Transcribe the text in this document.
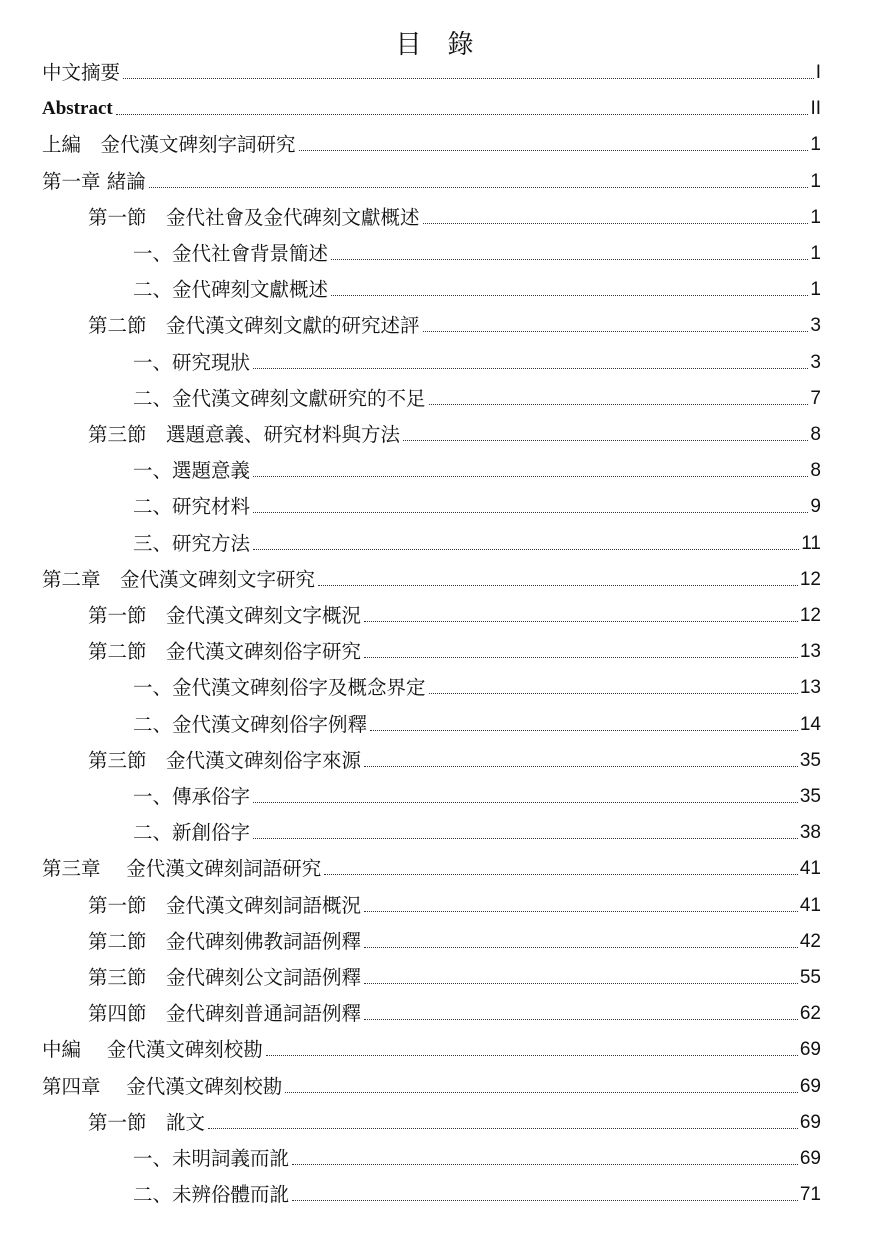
目　錄
中文摘要	I
Abstract	II
上編　金代漢文碑刻字詞研究	1
第一章 緒論	1
第一節　金代社會及金代碑刻文獻概述	1
一、金代社會背景簡述	1
二、金代碑刻文獻概述	1
第二節　金代漢文碑刻文獻的研究述評	3
一、研究現狀	3
二、金代漢文碑刻文獻研究的不足	7
第三節　選題意義、研究材料與方法	8
一、選題意義	8
二、研究材料	9
三、研究方法	11
第二章　金代漢文碑刻文字研究	12
第一節　金代漢文碑刻文字概況	12
第二節　金代漢文碑刻俗字研究	13
一、金代漢文碑刻俗字及概念界定	13
二、金代漢文碑刻俗字例釋	14
第三節　金代漢文碑刻俗字來源	35
一、傳承俗字	35
二、新創俗字	38
第三章　 金代漢文碑刻詞語研究	41
第一節　金代漢文碑刻詞語概況	41
第二節　金代碑刻佛教詞語例釋	42
第三節　金代碑刻公文詞語例釋	55
第四節　金代碑刻普通詞語例釋	62
中編　 金代漢文碑刻校勘	69
第四章　 金代漢文碑刻校勘	69
第一節　訛文	69
一、未明詞義而訛	69
二、未辨俗體而訛	71
